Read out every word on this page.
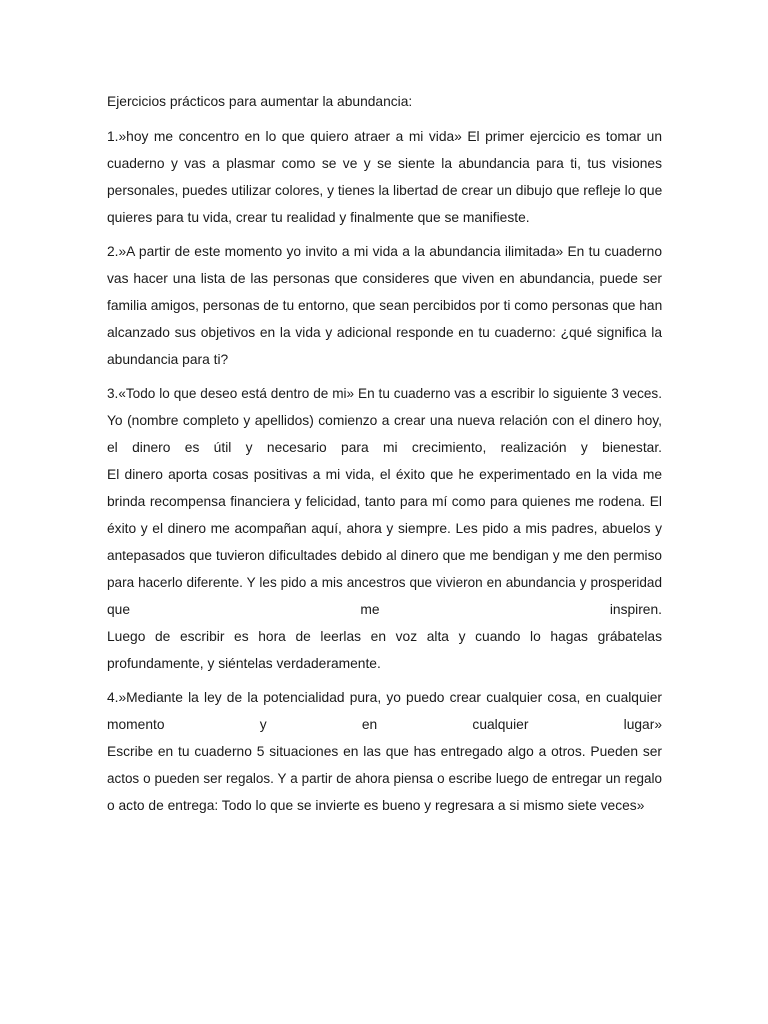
Ejercicios prácticos para aumentar la abundancia:
1.»hoy me concentro en lo que quiero atraer a mi vida» El primer ejercicio es tomar un
cuaderno y vas a plasmar como se ve y se siente la abundancia para ti, tus visiones
personales, puedes utilizar colores, y tienes la libertad de crear un dibujo que refleje lo que
quieres para tu vida, crear tu realidad y finalmente que se manifieste.
2.»A partir de este momento yo invito a mi vida a la abundancia ilimitada» En tu cuaderno
vas hacer una lista de las personas que consideres que viven en abundancia, puede ser
familia amigos, personas de tu entorno, que sean percibidos por ti como personas que han
alcanzado sus objetivos en la vida y adicional responde en tu cuaderno: ¿qué significa la
abundancia para ti?
3.«Todo lo que deseo está dentro de mi» En tu cuaderno vas a escribir lo siguiente 3 veces.
Yo (nombre completo y apellidos) comienzo a crear una nueva relación con el dinero hoy,
el dinero es útil y necesario para mi crecimiento, realización y bienestar.
El dinero aporta cosas positivas a mi vida, el éxito que he experimentado en la vida me
brinda recompensa financiera y felicidad, tanto para mí como para quienes me rodena. El
éxito y el dinero me acompañan aquí, ahora y siempre. Les pido a mis padres, abuelos y
antepasados que tuvieron dificultades debido al dinero que me bendigan y me den permiso
para hacerlo diferente. Y les pido a mis ancestros que vivieron en abundancia y prosperidad
que me inspiren.
Luego de escribir es hora de leerlas en voz alta y cuando lo hagas grábatelas
profundamente, y siéntelas verdaderamente.
4.»Mediante la ley de la potencialidad pura, yo puedo crear cualquier cosa, en cualquier
momento y en cualquier lugar»
Escribe en tu cuaderno 5 situaciones en las que has entregado algo a otros. Pueden ser
actos o pueden ser regalos. Y a partir de ahora piensa o escribe luego de entregar un regalo
o acto de entrega: Todo lo que se invierte es bueno y regresara a si mismo siete veces»
